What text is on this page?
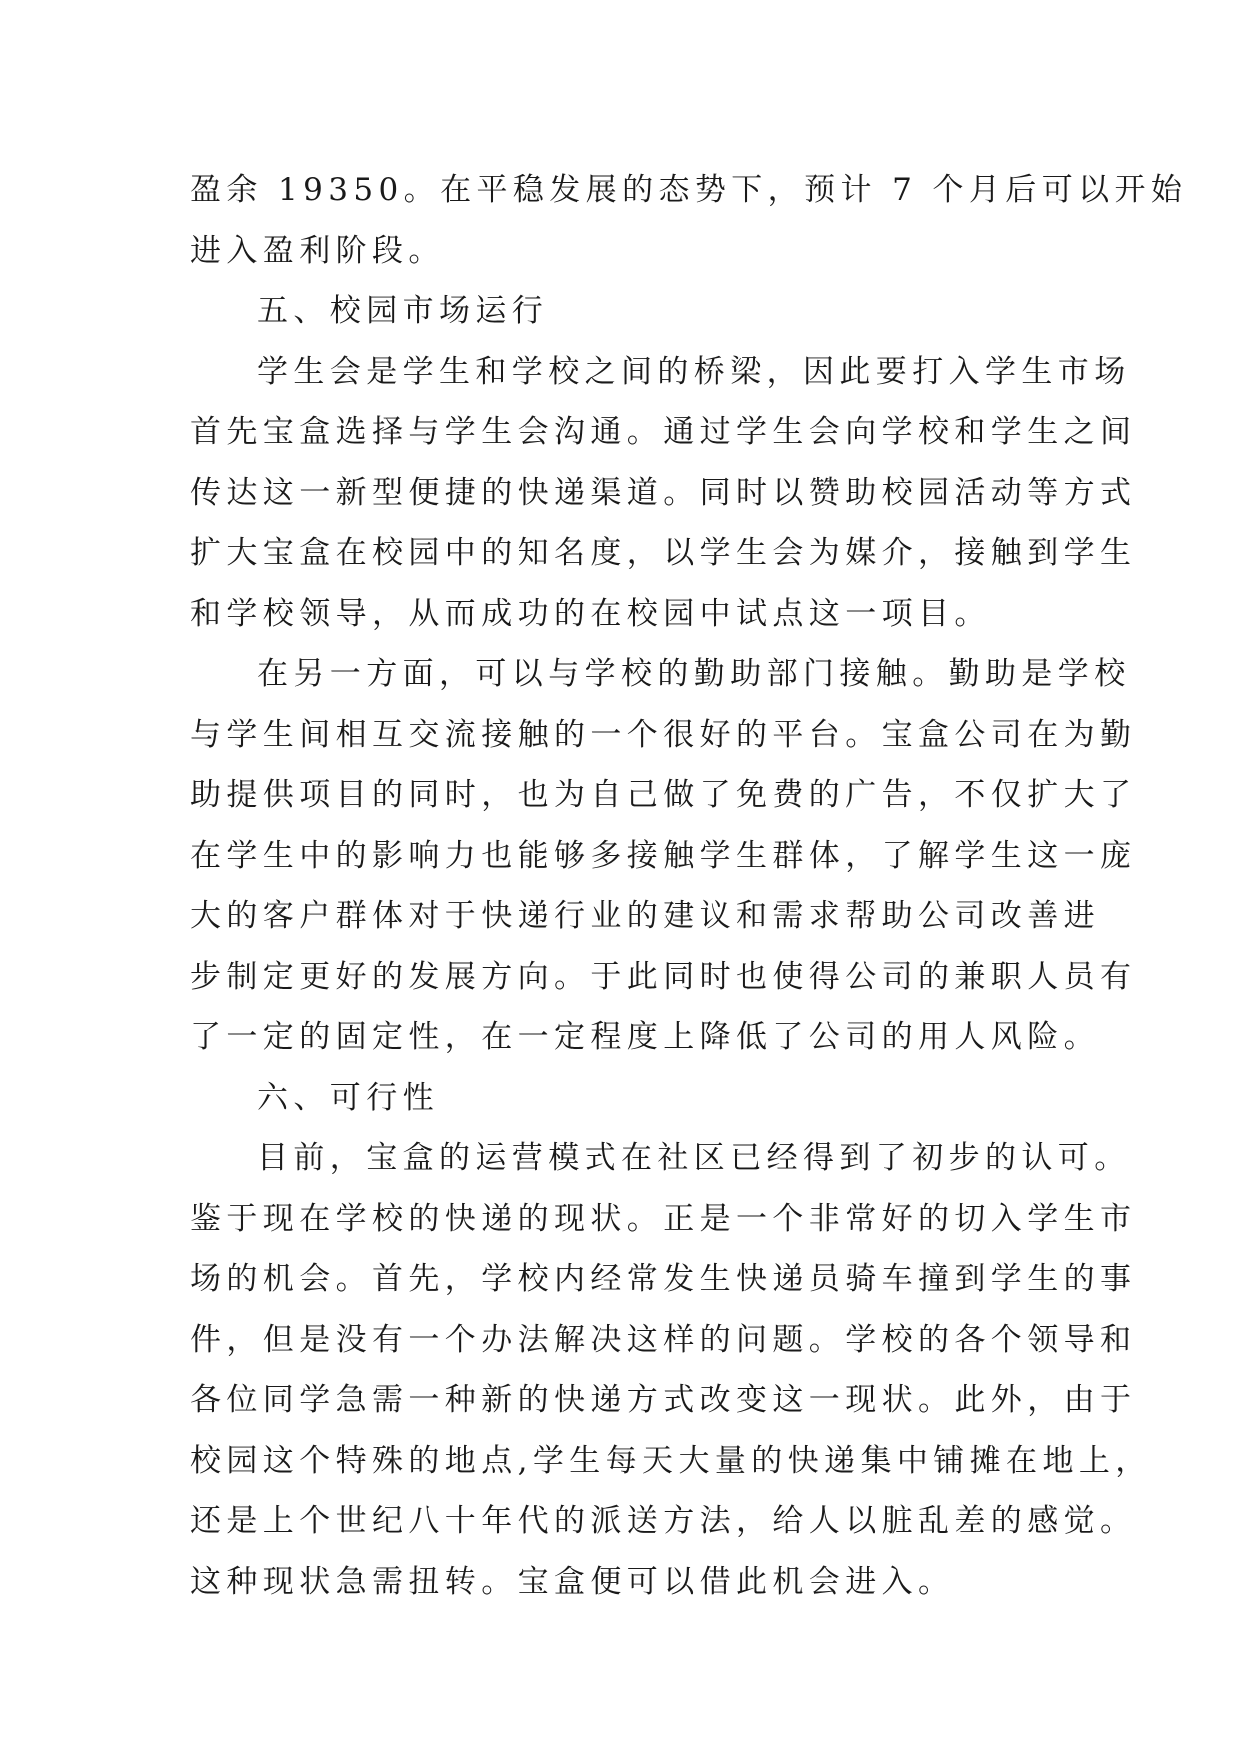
盈余 19350。在平稳发展的态势下，预计 7 个月后可以开始
进入盈利阶段。
五、校园市场运行
学生会是学生和学校之间的桥梁，因此要打入学生市场
首先宝盒选择与学生会沟通。通过学生会向学校和学生之间
传达这一新型便捷的快递渠道。同时以赞助校园活动等方式
扩大宝盒在校园中的知名度，以学生会为媒介，接触到学生
和学校领导，从而成功的在校园中试点这一项目。
在另一方面，可以与学校的勤助部门接触。勤助是学校
与学生间相互交流接触的一个很好的平台。宝盒公司在为勤
助提供项目的同时，也为自己做了免费的广告，不仅扩大了
在学生中的影响力也能够多接触学生群体，了解学生这一庞
大的客户群体对于快递行业的建议和需求帮助公司改善进
步制定更好的发展方向。于此同时也使得公司的兼职人员有
了一定的固定性，在一定程度上降低了公司的用人风险。
六、可行性
目前，宝盒的运营模式在社区已经得到了初步的认可。
鉴于现在学校的快递的现状。正是一个非常好的切入学生市
场的机会。首先，学校内经常发生快递员骑车撞到学生的事
件，但是没有一个办法解决这样的问题。学校的各个领导和
各位同学急需一种新的快递方式改变这一现状。此外，由于
校园这个特殊的地点,学生每天大量的快递集中铺摊在地上，
还是上个世纪八十年代的派送方法，给人以脏乱差的感觉。
这种现状急需扭转。宝盒便可以借此机会进入。
